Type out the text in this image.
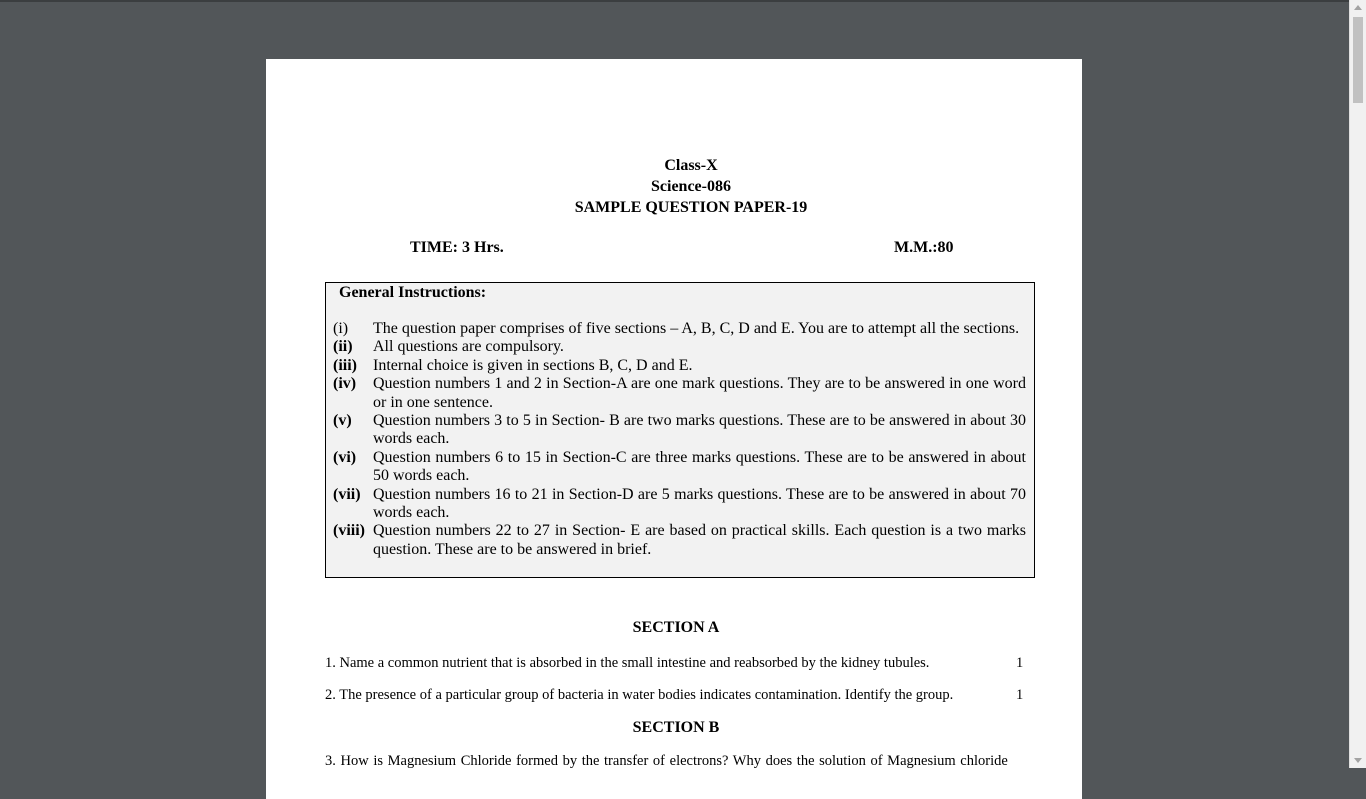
Class-X
Science-086
SAMPLE QUESTION PAPER-19
TIME: 3 Hrs.	M.M.:80
General Instructions:
(i) The question paper comprises of five sections – A, B, C, D and E. You are to attempt all the sections.
(ii) All questions are compulsory.
(iii) Internal choice is given in sections B, C, D and E.
(iv) Question numbers 1 and 2 in Section-A are one mark questions. They are to be answered in one word or in one sentence.
(v) Question numbers 3 to 5 in Section- B are two marks questions. These are to be answered in about 30 words each.
(vi) Question numbers 6 to 15 in Section-C are three marks questions. These are to be answered in about 50 words each.
(vii) Question numbers 16 to 21 in Section-D are 5 marks questions. These are to be answered in about 70 words each.
(viii) Question numbers 22 to 27 in Section- E are based on practical skills. Each question is a two marks question. These are to be answered in brief.
SECTION A
1. Name a common nutrient that is absorbed in the small intestine and reabsorbed by the kidney tubules.	1
2. The presence of a particular group of bacteria in water bodies indicates contamination. Identify the group.	1
SECTION B
3. How is Magnesium Chloride formed by the transfer of electrons? Why does the solution of Magnesium chloride
